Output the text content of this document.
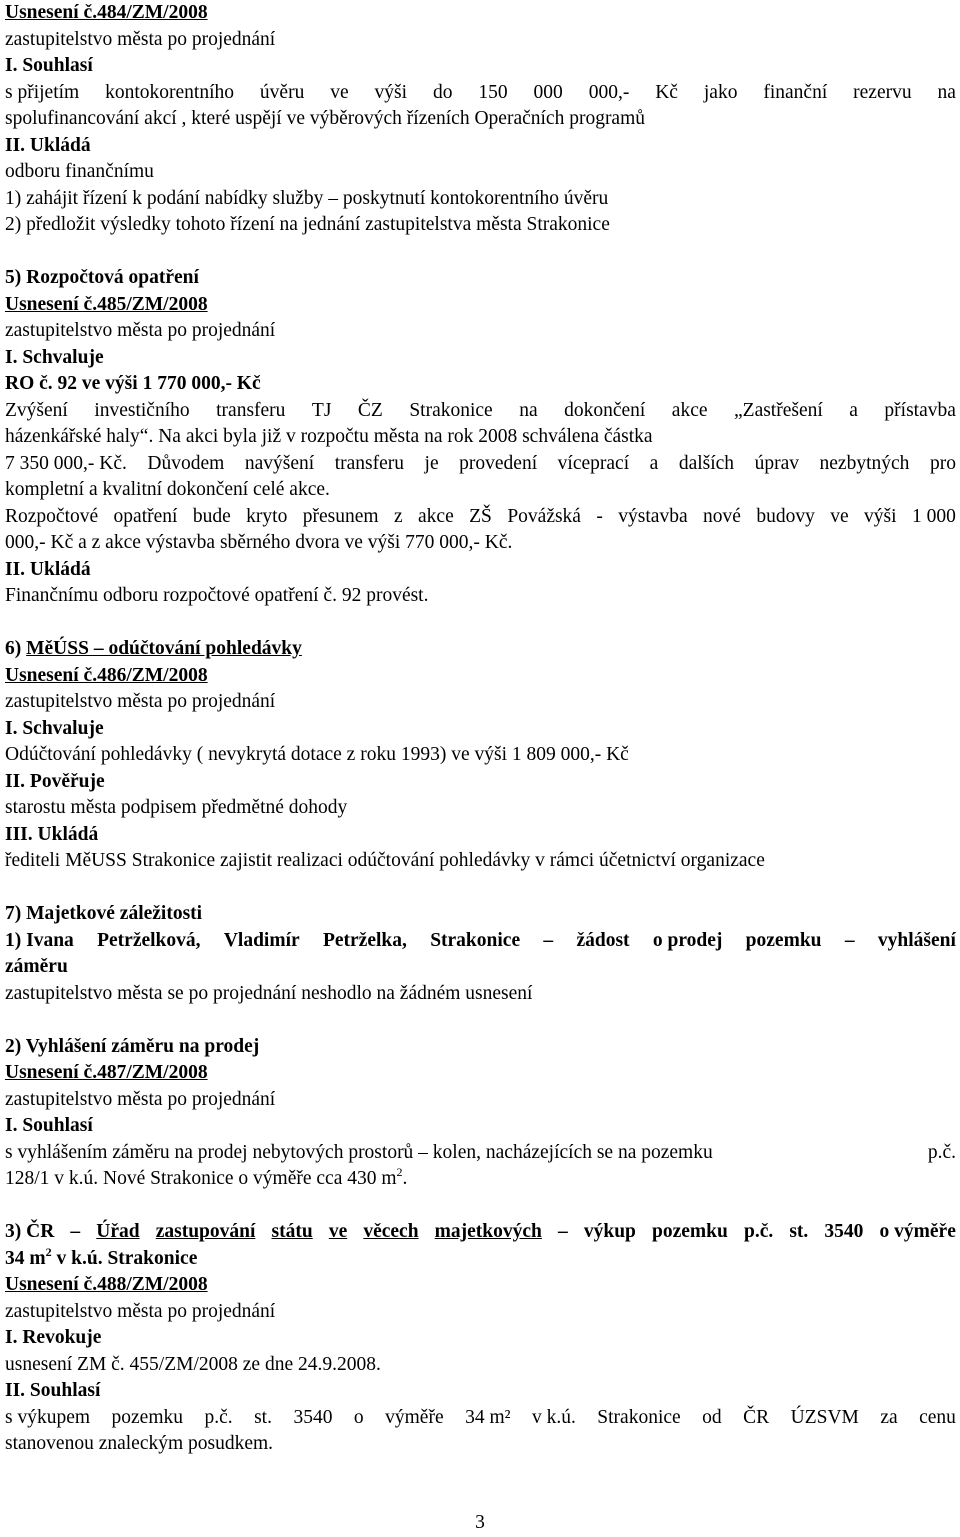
Usnesení č.484/ZM/2008
zastupitelstvo města po projednání
I. Souhlasí
s přijetím kontokorentního úvěru ve výši do 150 000 000,- Kč jako finanční rezervu na
spolufinancování akcí , které uspějí ve výběrových řízeních Operačních programů
II. Ukládá
odboru finančnímu
1) zahájit řízení k podání nabídky služby – poskytnutí kontokorentního úvěru
2) předložit výsledky tohoto řízení na jednání zastupitelstva města Strakonice
5) Rozpočtová opatření
Usnesení č.485/ZM/2008
zastupitelstvo města po projednání
I. Schvaluje
RO č. 92 ve výši 1 770 000,- Kč
Zvýšení investičního transferu TJ ČZ Strakonice na dokončení akce „Zastřešení a přístavba
házenkářské haly“. Na akci byla již v rozpočtu města na rok 2008 schválena částka
7 350 000,- Kč. Důvodem navýšení transferu je provedení víceprací a dalších úprav nezbytných pro
kompletní a kvalitní dokončení celé akce.
Rozpočtové opatření bude kryto přesunem z akce ZŠ Povážská - výstavba nové budovy ve výši 1 000
000,- Kč a z akce výstavba sběrného dvora ve výši 770 000,- Kč.
II. Ukládá
Finančnímu odboru rozpočtové opatření č. 92 provést.
6) MěÚSS – odúčtování pohledávky
Usnesení č.486/ZM/2008
zastupitelstvo města po projednání
I. Schvaluje
Odúčtování pohledávky ( nevykrytá dotace z roku 1993) ve výši 1 809 000,- Kč
II. Pověřuje
starostu města podpisem předmětné dohody
III. Ukládá
řediteli MěUSS Strakonice zajistit realizaci odúčtování pohledávky v rámci účetnictví organizace
7) Majetkové záležitosti
1) Ivana Petrželková, Vladimír Petrželka, Strakonice – žádost o prodej pozemku – vyhlášení
záměru
zastupitelstvo města se po projednání neshodlo na žádném usnesení
2) Vyhlášení záměru na prodej
Usnesení č.487/ZM/2008
zastupitelstvo města po projednání
I. Souhlasí
s vyhlášením záměru na prodej nebytových prostorů – kolen, nacházejících se na pozemku	p.č.
128/1 v k.ú. Nové Strakonice o výměře cca 430 $m^2$.
3) ČR – Úřad zastupování státu ve věcech majetkových – výkup pozemku p.č. st. 3540 o výměře
34 $m^2$ v k.ú. Strakonice
Usnesení č.488/ZM/2008
zastupitelstvo města po projednání
I. Revokuje
usnesení ZM č. 455/ZM/2008 ze dne 24.9.2008.
II. Souhlasí
s výkupem pozemku p.č. st. 3540 o výměře 34 m² v k.ú. Strakonice od ČR ÚZSVM za cenu
stanovenou znaleckým posudkem.
3
